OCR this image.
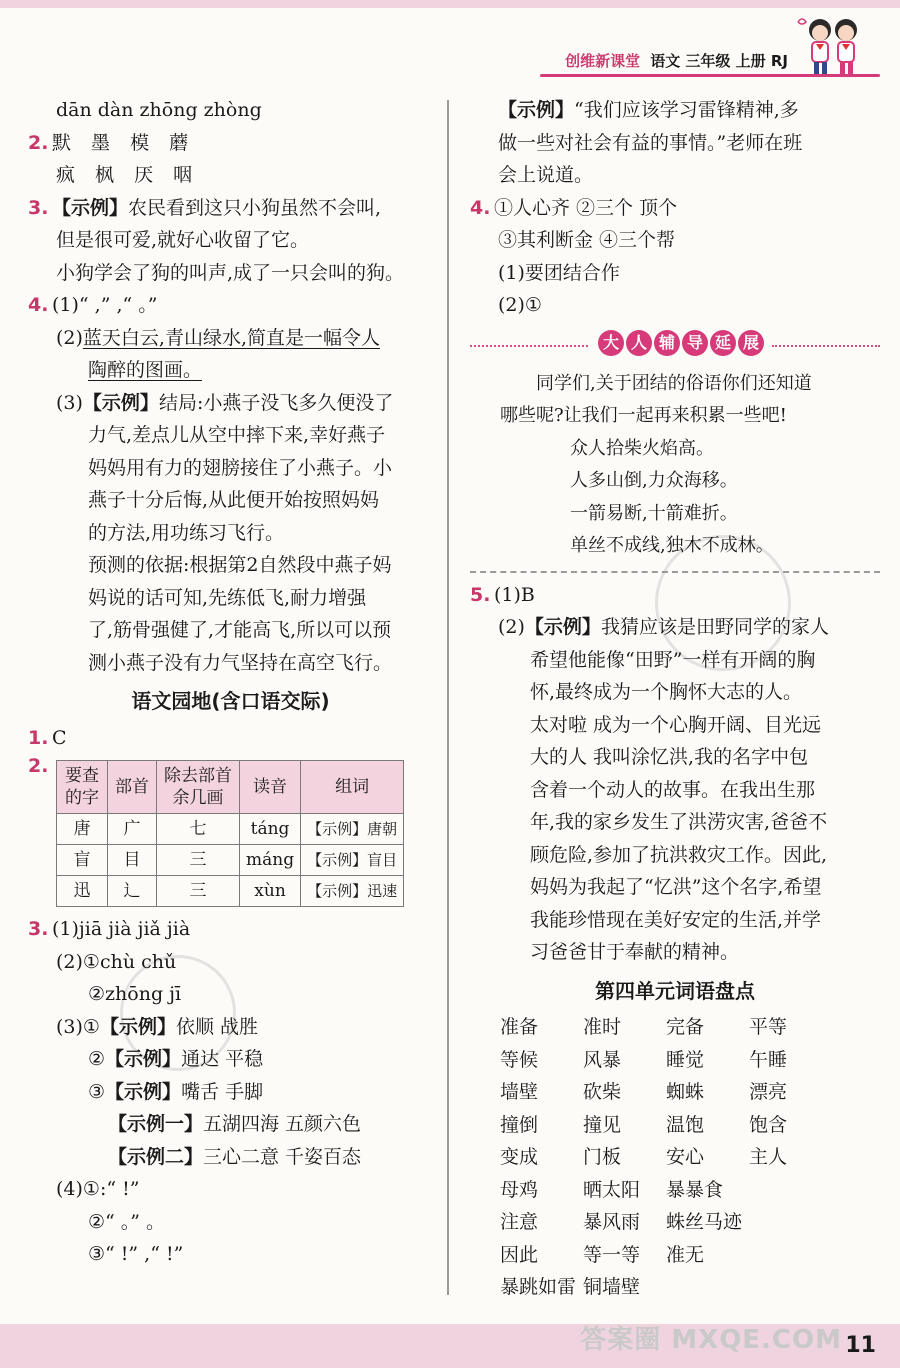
创维新课堂 语文 三年级 上册 RJ
dān dàn zhōng zhòng
2. 默 墨 模 蘑
疯 枫 厌 咽
3. 【示例】农民看到这只小狗虽然不会叫,
但是很可爱,就好心收留了它。
小狗学会了狗的叫声,成了一只会叫的狗。
4. (1)“ ,” ,“ 。”
(2)蓝天白云,青山绿水,简直是一幅令人
陶醉的图画。
(3)【示例】结局:小燕子没飞多久便没了
力气,差点儿从空中摔下来,幸好燕子
妈妈用有力的翅膀接住了小燕子。小
燕子十分后悔,从此便开始按照妈妈
的方法,用功练习飞行。
预测的依据:根据第2自然段中燕子妈
妈说的话可知,先练低飞,耐力增强
了,筋骨强健了,才能高飞,所以可以预
测小燕子没有力气坚持在高空飞行。
语文园地(含口语交际)
1. C
2. 要查的字	部首	除去部首余几画	读音	组词
唐	广	七	táng	【示例】唐朝
盲	目	三	máng	【示例】盲目
迅	辶	三	xùn	【示例】迅速
3. (1)jiā jià jiǎ jià
(2)①chù chǔ
②zhōng jī
(3)①【示例】依顺 战胜
②【示例】通达 平稳
③【示例】嘴舌 手脚
【示例一】五湖四海 五颜六色
【示例二】三心二意 千姿百态
(4)①:“ !”
②“ 。” 。
③“ !” ,“ !”
【示例】“我们应该学习雷锋精神,多
做一些对社会有益的事情。”老师在班
会上说道。
4. ①人心齐 ②三个 顶个
③其利断金 ④三个帮
(1)要团结合作
(2)①
大 人 辅 导 延 展
同学们,关于团结的俗语你们还知道
哪些呢?让我们一起再来积累一些吧!
众人拾柴火焰高。
人多山倒,力众海移。
一箭易断,十箭难折。
单丝不成线,独木不成林。
5. (1)B
(2)【示例】我猜应该是田野同学的家人
希望他能像“田野”一样有开阔的胸
怀,最终成为一个胸怀大志的人。
太对啦 成为一个心胸开阔、目光远
大的人 我叫涂忆洪,我的名字中包
含着一个动人的故事。在我出生那
年,我的家乡发生了洪涝灾害,爸爸不
顾危险,参加了抗洪救灾工作。因此,
妈妈为我起了“忆洪”这个名字,希望
我能珍惜现在美好安定的生活,并学
习爸爸甘于奉献的精神。
第四单元词语盘点
准备	准时	完备	平等
等候	风暴	睡觉	午睡
墙壁	砍柴	蜘蛛	漂亮
撞倒	撞见	温饱	饱含
变成	门板	安心	主人
母鸡	晒太阳	暴暴食
注意	暴风雨	蛛丝马迹
因此	等一等	准无
暴跳如雷 铜墙壁
答案圈 MXQE.COM 11
